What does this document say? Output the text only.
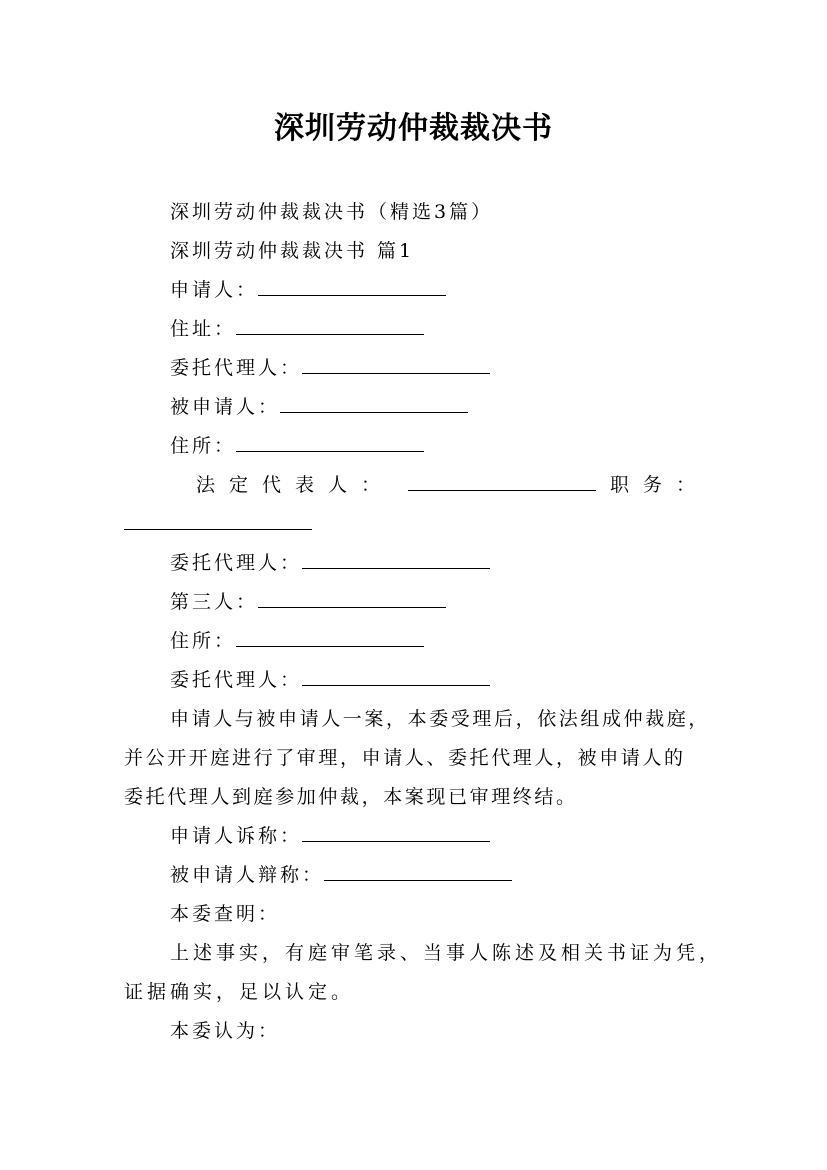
深圳劳动仲裁裁决书
深圳劳动仲裁裁决书（精选3篇）
深圳劳动仲裁裁决书 篇1
申请人：
住址：
委托代理人：
被申请人：
住所：
法定代表人：	职务：
委托代理人：
第三人：
住所：
委托代理人：
申请人与被申请人一案，本委受理后，依法组成仲裁庭，
并公开开庭进行了审理，申请人、委托代理人，被申请人的
委托代理人到庭参加仲裁，本案现已审理终结。
申请人诉称：
被申请人辩称：
本委查明：
上述事实，有庭审笔录、当事人陈述及相关书证为凭，
证据确实，足以认定。
本委认为：
